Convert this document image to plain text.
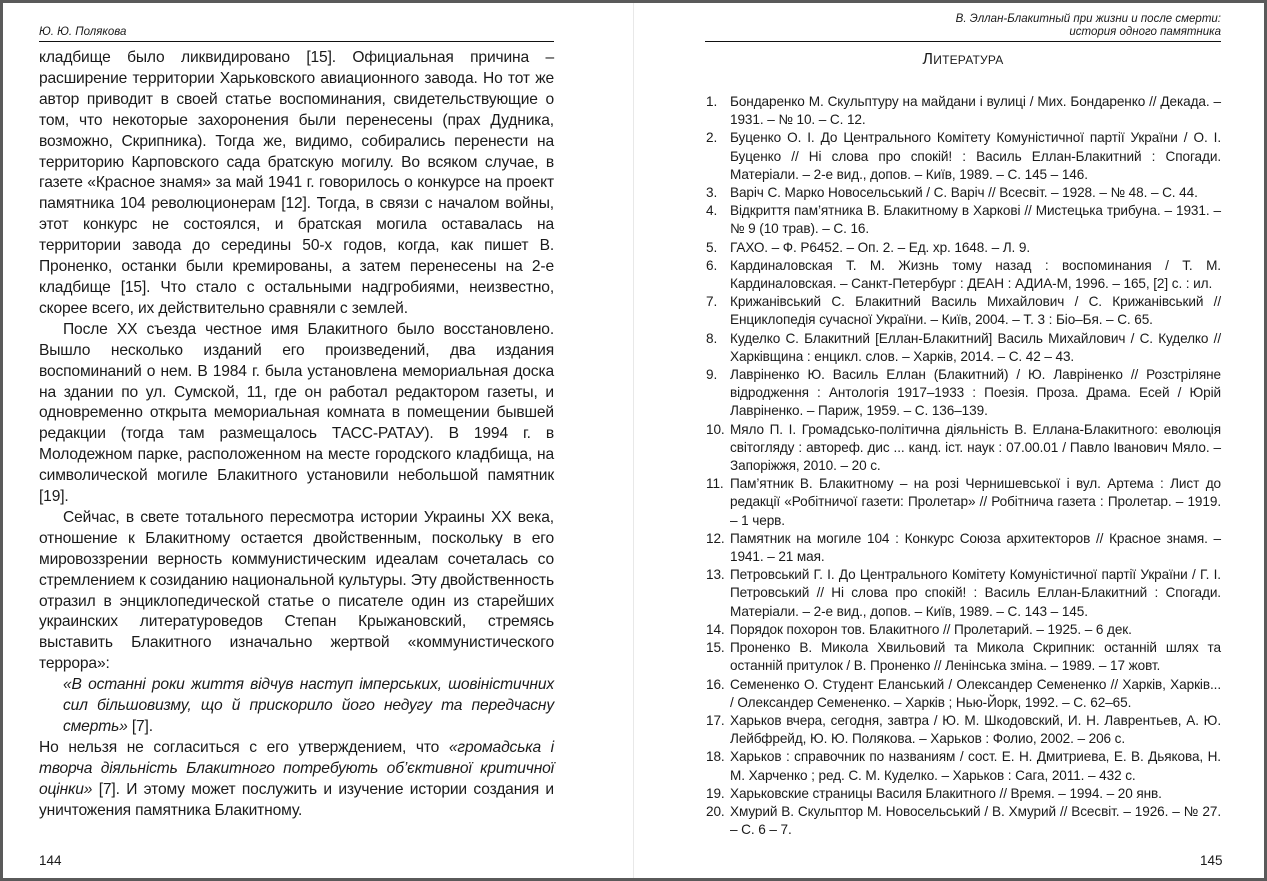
Ю. Ю. Полякова

кладбище было ликвидировано [15]. Официальная причина – расширение территории Харьковского авиационного завода. Но тот же автор приводит в своей статье воспоминания, свидетельствующие о том, что некоторые захоронения были перенесены (прах Дудника, возможно, Скрипника). Тогда же, видимо, собирались перенести на территорию Карповского сада братскую могилу. Во всяком случае, в газете «Красное знамя» за май 1941 г. говорилось о конкурсе на проект памятника 104 революционерам [12]. Тогда, в связи с началом войны, этот конкурс не состоялся, и братская могила оставалась на территории завода до середины 50-х годов, когда, как пишет В. Проненко, останки были кремированы, а затем перенесены на 2-е кладбище [15]. Что стало с остальными надгробиями, неизвестно, скорее всего, их действительно сравняли с землей.

После XX съезда честное имя Блакитного было восстановлено. Вышло несколько изданий его произведений, два издания воспоминаний о нем. В 1984 г. была установлена мемориальная доска на здании по ул. Сумской, 11, где он работал редактором газеты, и одновременно открыта мемориальная комната в помещении бывшей редакции (тогда там размещалось ТАСС-РАТАУ). В 1994 г. в Молодежном парке, расположенном на месте городского кладбища, на символической могиле Блакитного установили небольшой памятник [19].

Сейчас, в свете тотального пересмотра истории Украины XX века, отношение к Блакитному остается двойственным, поскольку в его мировоззрении верность коммунистическим идеалам сочеталась со стремлением к созиданию национальной культуры. Эту двойственность отразил в энциклопедической статье о писателе один из старейших украинских литературоведов Степан Крыжановский, стремясь выставить Блакитного изначально жертвой «коммунистического террора»:

«В останні роки життя відчув наступ імперських, шовіністичних сил більшовизму, що й прискорило його недугу та передчасну смерть» [7].

Но нельзя не согласиться с его утверждением, что «громадська і творча діяльність Блакитного потребують об’єктивної критичної оцінки» [7]. И этому может послужить и изучение истории создания и уничтожения памятника Блакитному.

144
В. Эллан-Блакитный при жизни и после смерти:
история одного памятника
ЛИТЕРАТУРА
1. Бондаренко М. Скульптуру на майдани і вулиці / Мих. Бондаренко // Декада. – 1931. – № 10. – С. 12.
2. Буценко О. І. До Центрального Комітету Комуністичної партії України / О. І. Буценко // Ні слова про спокій! : Василь Еллан-Блакитний : Спогади. Матеріали. – 2-е вид., допов. – Київ, 1989. – С. 145 – 146.
3. Варіч С. Марко Новосельський / С. Варіч // Всесвіт. – 1928. – № 48. – С. 44.
4. Відкриття пам’ятника В. Блакитному в Харкові // Мистецька трибуна. – 1931. – № 9 (10 трав). – С. 16.
5. ГАХО. – Ф. Р6452. – Оп. 2. – Ед. хр. 1648. – Л. 9.
6. Кардиналовская Т. М. Жизнь тому назад : воспоминания / Т. М. Кардиналовская. – Санкт-Петербург : ДЕАН : АДИА-М, 1996. – 165, [2] с. : ил.
7. Крижанівський С. Блакитний Василь Михайлович / С. Крижанівський // Енциклопедія сучасної України. – Київ, 2004. – Т. 3 : Біо–Бя. – С. 65.
8. Куделко С. Блакитний [Еллан-Блакитний] Василь Михайлович / С. Куделко // Харківщина : енцикл. слов. – Харків, 2014. – С. 42 – 43.
9. Лавріненко Ю. Василь Еллан (Блакитний) / Ю. Лавріненко // Розстріляне відродження : Антологія 1917–1933 : Поезія. Проза. Драма. Есей / Юрій Лавріненко. – Париж, 1959. – С. 136–139.
10. Мяло П. І. Громадсько-політична діяльність В. Еллана-Блакитного: еволюція світогляду : автореф. дис ... канд. іст. наук : 07.00.01 / Павло Іванович Мяло. – Запоріжжя, 2010. – 20 с.
11. Пам’ятник В. Блакитному – на розі Чернишевської і вул. Артема : Лист до редакції «Робітничої газети: Пролетар» // Робітнича газета : Пролетар. – 1919. – 1 черв.
12. Памятник на могиле 104 : Конкурс Союза архитекторов // Красное знамя. – 1941. – 21 мая.
13. Петровський Г. І. До Центрального Комітету Комуністичної партії України / Г. І. Петровський // Ні слова про спокій! : Василь Еллан-Блакитний : Спогади. Матеріали. – 2-е вид., допов. – Київ, 1989. – С. 143 – 145.
14. Порядок похорон тов. Блакитного // Пролетарий. – 1925. – 6 дек.
15. Проненко В. Микола Хвильовий та Микола Скрипник: останній шлях та останній притулок / В. Проненко // Ленінська зміна. – 1989. – 17 жовт.
16. Семененко О. Студент Еланський / Олександер Семененко // Харків, Харків... / Олександер Семененко. – Харків ; Нью-Йорк, 1992. – С. 62–65.
17. Харьков вчера, сегодня, завтра / Ю. М. Шкодовский, И. Н. Лаврентьев, А. Ю. Лейбфрейд, Ю. Ю. Полякова. – Харьков : Фолио, 2002. – 206 с.
18. Харьков : справочник по названиям / сост. Е. Н. Дмитриева, Е. В. Дьякова, Н. М. Харченко ; ред. С. М. Куделко. – Харьков : Сага, 2011. – 432 с.
19. Харьковские страницы Василя Блакитного // Время. – 1994. – 20 янв.
20. Хмурий В. Скульптор М. Новосельський / В. Хмурий // Всесвіт. – 1926. – № 27. – С. 6 – 7.
145
